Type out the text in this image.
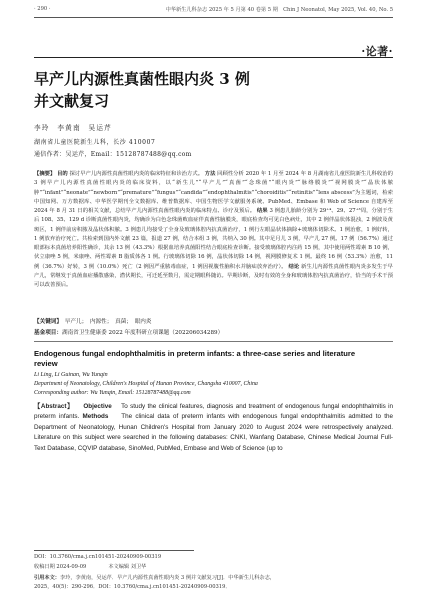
· 290 ·	中华新生儿科杂志 2025 年 5 月第 40 卷第 5 期　Chin J Neonatol, May 2025, Vol. 40, No. 5
·论著·
早产儿内源性真菌性眼内炎 3 例
并文献复习
李玲　李黄南　吴运芹
湖南省儿童医院新生儿科，长沙 410007
通信作者：吴运芹，Email：15128787488@qq.com
【摘要】 目的 探讨早产儿内源性真菌性眼内炎的临床特征和诊治方式。 方法 回顾性分析 2020 年 1 月至 2024 年 8 月湖南省儿童医院新生儿科收治的 3 例早产儿内源性真菌性眼内炎的临床资料，以“新生儿”“早产儿”“真菌”“念珠菌”“眼内炎”“脉络膜炎”“视网膜炎”“晶状体脓肿”“infant”“neonate”“newborn”“premature”“fungus”“candida”“endophthalmitis”“choroiditis”“retinitis”“lens abscess”为主题词，检索中国知网、万方数据库、中华医学期刊全文数据库、维普数据库、中国生物医学文献服务系统、PubMed、Embase 和 Web of Science 自建库至 2024 年 8 月 31 日的相关文献，总结早产儿内源性真菌性眼内炎的临床特点、诊疗及预后。 结果 3 例患儿胎龄分别为 29⁺⁴、29、27⁺³周，分别于生后 108、35、129 d 诊断真菌性眼内炎，均确诊为白色念珠菌败血症伴真菌性脑膜炎，眼底检查均可见白色病灶，其中 2 例伴晶状体混浊，2 例波及黄斑区，1 例伴前房积脓及晶状体积脓。3 例患儿均接受了全身及玻璃体腔内抗真菌治疗，1 例行左眼晶状体摘除+玻璃体切除术。1 例治愈，1 例好转，1 例放弃治疗死亡。共检索到国内外文献 23 篇，报道 27 例，结合本组 3 例，共纳入 30 例。其中足月儿 3 例，早产儿 27 例。17 例（56.7%）通过眼部标本真菌培养阳性确诊，其余 13 例（43.3%）根据血培养真菌阳性结合眼底检查诊断。接受玻璃体腔内注药 15 例，其中使用两性霉素 B 10 例，伏立康唑 5 例，米康唑、两性霉素 B 脂质体各 1 例。行玻璃体切除 16 例，晶状体切除 14 例，视网膜修复术 1 例。最终 16 例（53.3%）治愈，11 例（36.7%）好转，3 例（10.0%）死亡（2 例因严重脓毒血症，1 例因视腹性脑积水并脑疝放弃治疗）。 结论 新生儿内源性真菌性眼内炎多发生于早产儿，常继发于真菌血症播散感染，潜伏期长，可迁延至数月，需定期眼科随访。早期诊断，及时有效的全身和玻璃体腔内抗真菌治疗，恰当的手术干预可以改善预后。
【关键词】　 早产儿；　内源性；　真菌；　眼内炎
基金项目：湖南省卫生健康委 2022 年度科研立项课题（202206034289）
Endogenous fungal endophthalmitis in preterm infants: a three-case series and literature
review
Li Ling, Li Guinan, Wu Yunqin
Department of Neonatology, Children's Hospital of Hunan Province, Changsha 410007, China
Corresponding author: Wu Yunqin, Email: 15128787488@qq.com
【Abstract】 Objective To study the clinical features, diagnosis and treatment of endogenous fungal endophthalmitis in preterm infants. Methods The clinical data of preterm infants with endogenous fungal endophthalmitis admitted to the Department of Neonatology, Hunan Children's Hospital from January 2020 to August 2024 were retrospectively analyzed. Literature on this subject were searched in the following databases: CNKI, Wanfang Database, Chinese Medical Journal Full-Text Database, CQVIP database, SinoMed, PubMed, Embase and Web of Science (up to
DOI：10.3760/cma.j.cn101451-20240909-00319
收稿日期 2024-09-09	本文编辑 刘卫华
引用本文：李玲，李黄南，吴运芹．早产儿内源性真菌性眼内炎 3 例并文献复习[J]．中华新生儿科杂志，
2025，40(5)：290-296．DOI：10.3760/cma.j.cn101451-20240909-00319．
